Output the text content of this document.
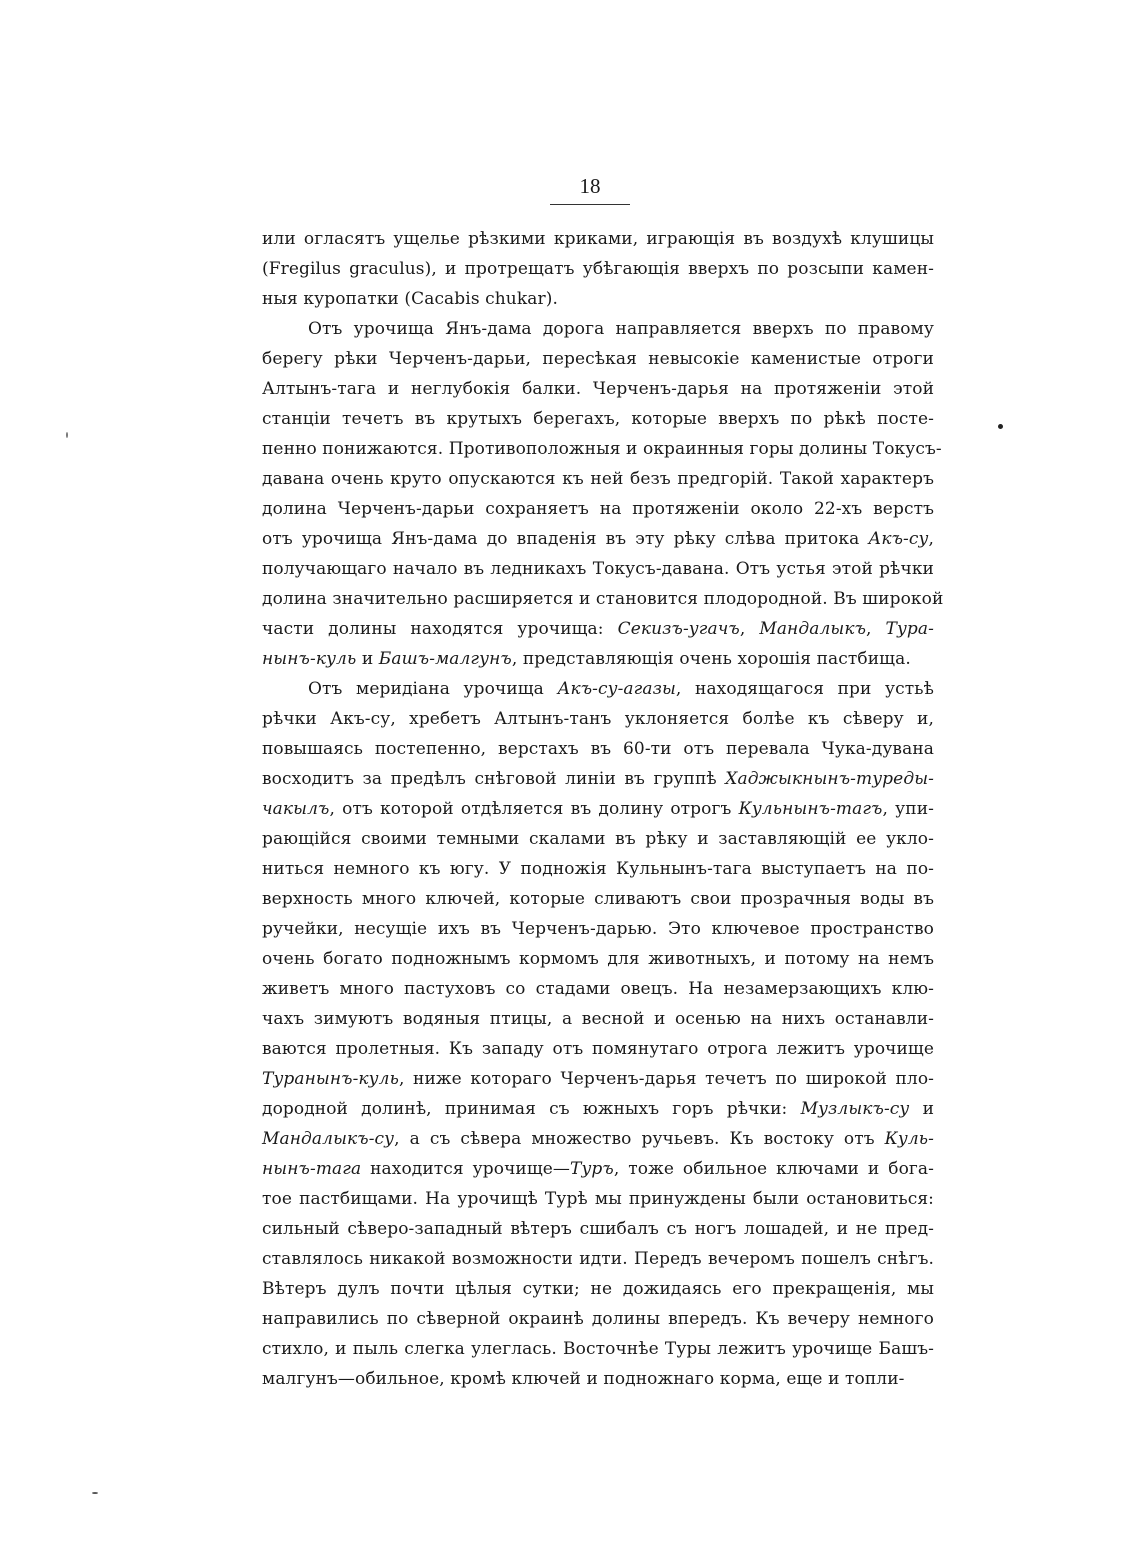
18
или огласятъ ущелье рѣзкими криками, играющія въ воздухѣ клушицы
(Fregilus graculus), и протрещатъ убѣгающія вверхъ по розсыпи камен-
ныя куропатки (Cacabis chukar).
Отъ урочища Янъ-дама дорога направляется вверхъ по правому
берегу рѣки Черченъ-дарьи, пересѣкая невысокіе каменистые отроги
Алтынъ-тага и неглубокія балки. Черченъ-дарья на протяженіи этой
станціи течетъ въ крутыхъ берегахъ, которые вверхъ по рѣкѣ посте-
пенно понижаются. Противоположныя и окраинныя горы долины Токусъ-
давана очень круто опускаются къ ней безъ предгорій. Такой характеръ
долина Черченъ-дарьи сохраняетъ на протяженіи около 22-хъ верстъ
отъ урочища Янъ-дама до впаденія въ эту рѣку слѣва притока Акъ-су,
получающаго начало въ ледникахъ Токусъ-давана. Отъ устья этой рѣчки
долина значительно расширяется и становится плодородной. Въ широкой
части долины находятся урочища: Секизъ-угачъ, Мандалыкъ, Тура-
нынъ-куль и Башъ-малгунъ, представляющія очень хорошія пастбища.
Отъ меридіана урочища Акъ-су-агазы, находящагося при устьѣ
рѣчки Акъ-су, хребетъ Алтынъ-танъ уклоняется болѣе къ сѣверу и,
повышаясь постепенно, верстахъ въ 60-ти отъ перевала Чука-дувана
восходитъ за предѣлъ снѣговой линіи въ группѣ Хаджыкнынъ-туреды-
чакылъ, отъ которой отдѣляется въ долину отрогъ Кульнынъ-тагъ, упи-
рающійся своими темными скалами въ рѣку и заставляющій ее укло-
ниться немного къ югу. У подножія Кульнынъ-тага выступаетъ на по-
верхность много ключей, которые сливаютъ свои прозрачныя воды въ
ручейки, несущіе ихъ въ Черченъ-дарью. Это ключевое пространство
очень богато подножнымъ кормомъ для животныхъ, и потому на немъ
живетъ много пастуховъ со стадами овецъ. На незамерзающихъ клю-
чахъ зимуютъ водяныя птицы, а весной и осенью на нихъ останавли-
ваются пролетныя. Къ западу отъ помянутаго отрога лежитъ урочище
Туранынъ-куль, ниже котораго Черченъ-дарья течетъ по широкой пло-
дородной долинѣ, принимая съ южныхъ горъ рѣчки: Музлыкъ-су и
Мандалыкъ-су, а съ сѣвера множество ручьевъ. Къ востоку отъ Куль-
нынъ-тага находится урочище—Туръ, тоже обильное ключами и бога-
тое пастбищами. На урочищѣ Турѣ мы принуждены были остановиться:
сильный сѣверо-западный вѣтеръ сшибалъ съ ногъ лошадей, и не пред-
ставлялось никакой возможности идти. Передъ вечеромъ пошелъ снѣгъ.
Вѣтеръ дулъ почти цѣлыя сутки; не дожидаясь его прекращенія, мы
направились по сѣверной окраинѣ долины впередъ. Къ вечеру немного
стихло, и пыль слегка улеглась. Восточнѣе Туры лежитъ урочище Башъ-
малгунъ—обильное, кромѣ ключей и подножнаго корма, еще и топли-
